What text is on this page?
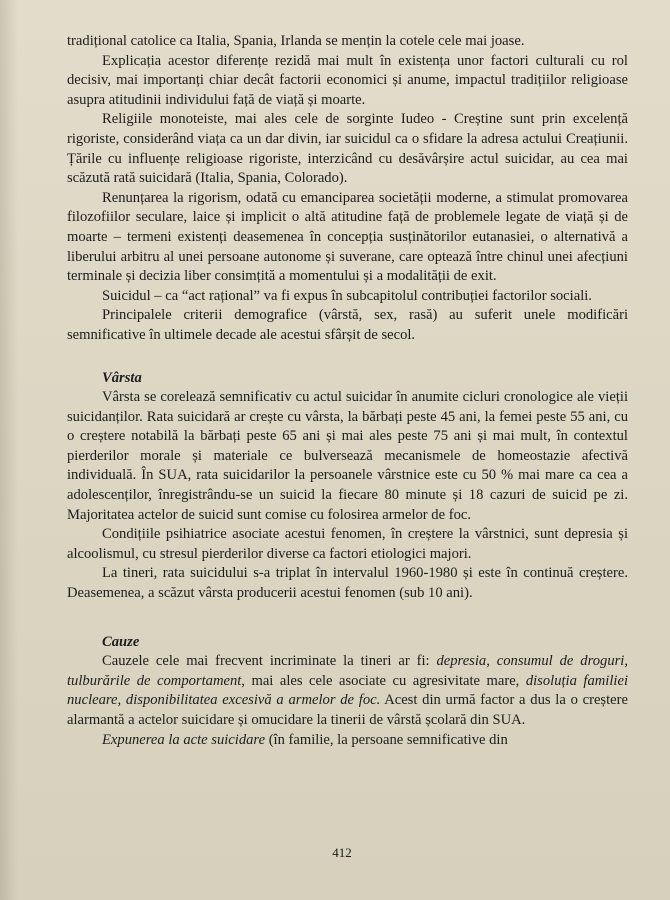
tradițional catolice ca Italia, Spania, Irlanda se mențin la cotele cele mai joase.

Explicația acestor diferențe rezidă mai mult în existența unor factori culturali cu rol decisiv, mai importanți chiar decât factorii economici și anume, impactul tradițiilor religioase asupra atitudinii individului față de viață și moarte.

Religiile monoteiste, mai ales cele de sorginte Iudeo - Creștine sunt prin excelență rigoriste, considerând viața ca un dar divin, iar suicidul ca o sfidare la adresa actului Creațiunii. Țările cu influențe religioase rigoriste, interzicând cu desăvârșire actul suicidar, au cea mai scăzută rată suicidară (Italia, Spania, Colorado).

Renunțarea la rigorism, odată cu emanciparea societății moderne, a stimulat promovarea filozofiilor seculare, laice și implicit o altă atitudine față de problemele legate de viață și de moarte – termeni existenți deasemenea în concepția susținătorilor eutanasiei, o alternativă a liberului arbitru al unei persoane autonome și suverane, care optează între chinul unei afecțiuni terminale și decizia liber consimțită a momentului și a modalității de exit.

Suicidul – ca “act rațional” va fi expus în subcapitolul contribuției factorilor sociali.

Principalele criterii demografice (vârstă, sex, rasă) au suferit unele modificări semnificative în ultimele decade ale acestui sfârșit de secol.

Vârsta

Vârsta se corelează semnificativ cu actul suicidar în anumite cicluri cronologice ale vieții suicidanților. Rata suicidară ar crește cu vârsta, la bărbați peste 45 ani, la femei peste 55 ani, cu o creștere notabilă la bărbați peste 65 ani și mai ales peste 75 ani și mai mult, în contextul pierderilor morale și materiale ce bulversează mecanismele de homeostazie afectivă individuală. În SUA, rata suicidarilor la persoanele vârstnice este cu 50 % mai mare ca cea a adolescenților, înregistrându-se un suicid la fiecare 80 minute și 18 cazuri de suicid pe zi. Majoritatea actelor de suicid sunt comise cu folosirea armelor de foc.

Condițiile psihiatrice asociate acestui fenomen, în creștere la vârstnici, sunt depresia și alcoolismul, cu stresul pierderilor diverse ca factori etiologici majori.

La tineri, rata suicidului s-a triplat în intervalul 1960-1980 și este în continuă creștere. Deasemenea, a scăzut vârsta producerii acestui fenomen (sub 10 ani).

Cauze

Cauzele cele mai frecvent incriminate la tineri ar fi: depresia, consumul de droguri, tulburările de comportament, mai ales cele asociate cu agresivitate mare, disoluția familiei nucleare, disponibilitatea excesivă a armelor de foc. Acest din urmă factor a dus la o creștere alarmantă a actelor suicidare și omucidare la tinerii de vârstă școlară din SUA.

Expunerea la acte suicidare (în familie, la persoane semnificative din

412
